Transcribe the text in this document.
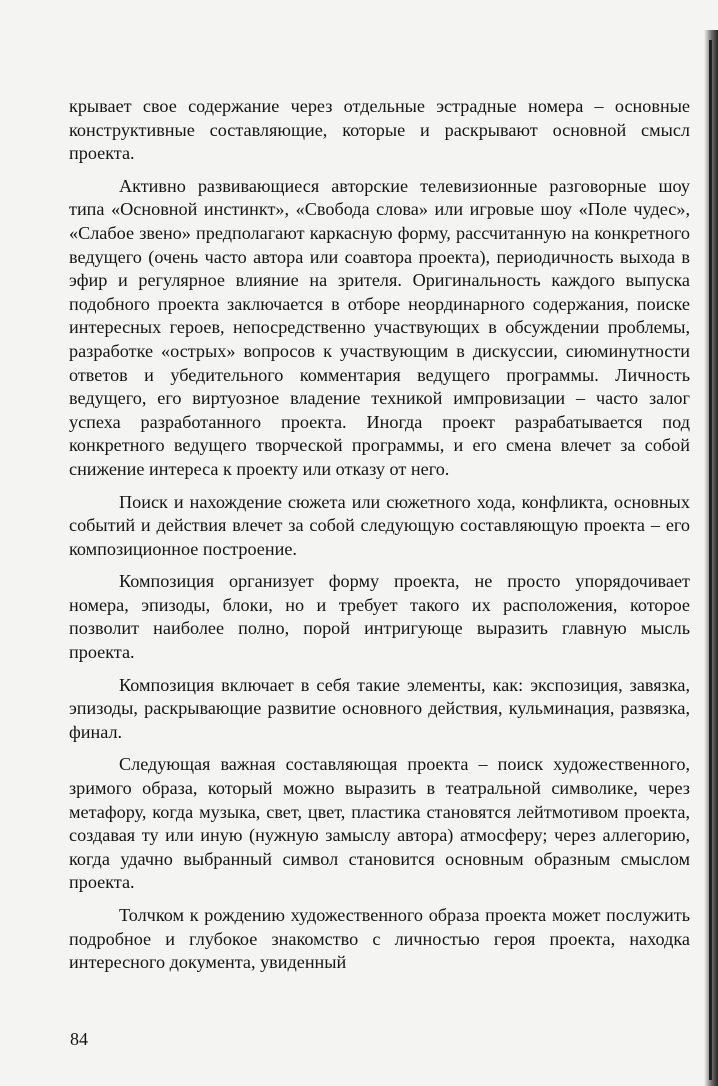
крывает свое содержание через отдельные эстрадные номера – основные конструктивные составляющие, которые и раскрывают основной смысл проекта.

Активно развивающиеся авторские телевизионные разговорные шоу типа «Основной инстинкт», «Свобода слова» или игровые шоу «Поле чудес», «Слабое звено» предполагают каркасную форму, рассчитанную на конкретного ведущего (очень часто автора или соавтора проекта), периодичность выхода в эфир и регулярное влияние на зрителя. Оригинальность каждого выпуска подобного проекта заключается в отборе неординарного содержания, поиске интересных героев, непосредственно участвующих в обсуждении проблемы, разработке «острых» вопросов к участвующим в дискуссии, сиюминутности ответов и убедительного комментария ведущего программы. Личность ведущего, его виртуозное владение техникой импровизации – часто залог успеха разработанного проекта. Иногда проект разрабатывается под конкретного ведущего творческой программы, и его смена влечет за собой снижение интереса к проекту или отказу от него.

Поиск и нахождение сюжета или сюжетного хода, конфликта, основных событий и действия влечет за собой следующую составляющую проекта – его композиционное построение.

Композиция организует форму проекта, не просто упорядочивает номера, эпизоды, блоки, но и требует такого их расположения, которое позволит наиболее полно, порой интригующе выразить главную мысль проекта.

Композиция включает в себя такие элементы, как: экспозиция, завязка, эпизоды, раскрывающие развитие основного действия, кульминация, развязка, финал.

Следующая важная составляющая проекта – поиск художественного, зримого образа, который можно выразить в театральной символике, через метафору, когда музыка, свет, цвет, пластика становятся лейтмотивом проекта, создавая ту или иную (нужную замыслу автора) атмосферу; через аллегорию, когда удачно выбранный символ становится основным образным смыслом проекта.

Толчком к рождению художественного образа проекта может послужить подробное и глубокое знакомство с личностью героя проекта, находка интересного документа, увиденный

84
